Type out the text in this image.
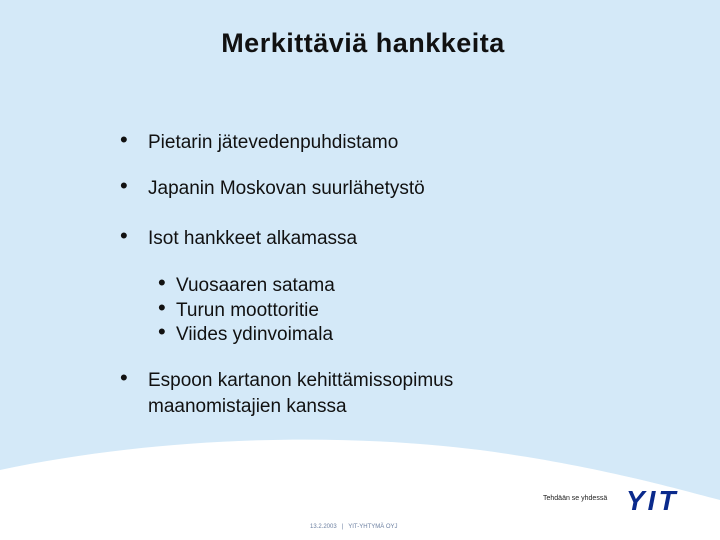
Merkittäviä hankkeita
• Pietarin jätevedenpuhdistamo
• Japanin Moskovan suurlähetystö
• Isot hankkeet alkamassa
• Espoon kartanon kehittämissopimus
maanomistajien kanssa
• Vuosaaren satama
• Turun moottoritie
• Viides ydinvoimala
Tehdään se yhdessä YIT
13.2.2003 | YIT-YHTYMÄ OYJ
